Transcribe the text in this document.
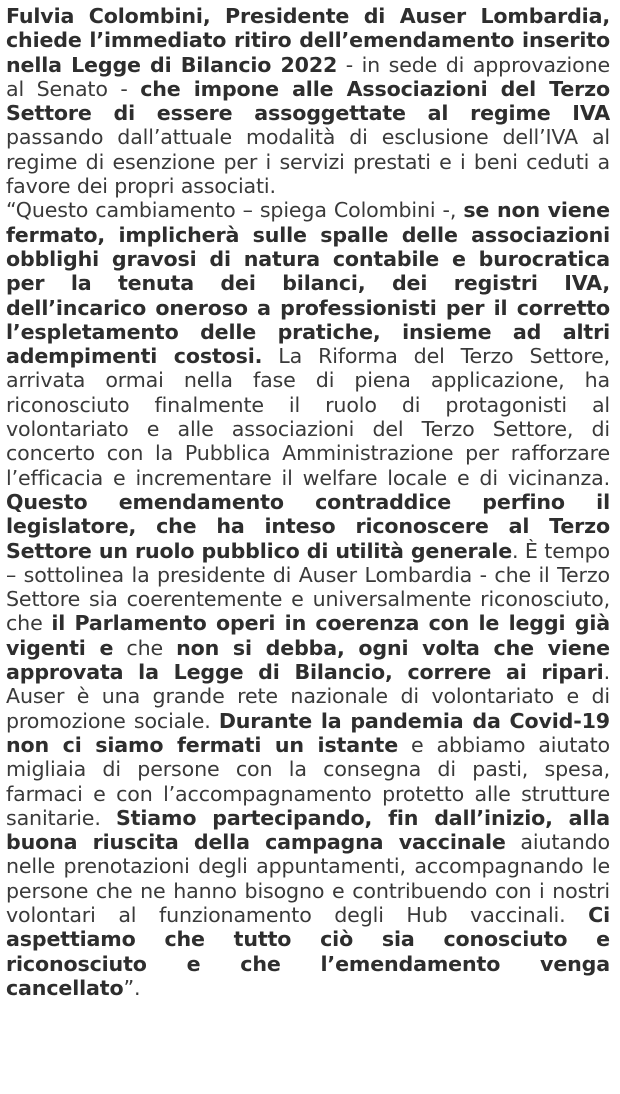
Fulvia Colombini, Presidente di Auser Lombardia, chiede l’immediato ritiro dell’emendamento inserito nella Legge di Bilancio 2022 - in sede di approvazione al Senato - che impone alle Associazioni del Terzo Settore di essere assoggettate al regime IVA passando dall’attuale modalità di esclusione dell’IVA al regime di esenzione per i servizi prestati e i beni ceduti a favore dei propri associati.

“Questo cambiamento – spiega Colombini -, se non viene fermato, implicherà sulle spalle delle associazioni obblighi gravosi di natura contabile e burocratica per la tenuta dei bilanci, dei registri IVA, dell’incarico oneroso a professionisti per il corretto l’espletamento delle pratiche, insieme ad altri adempimenti costosi. La Riforma del Terzo Settore, arrivata ormai nella fase di piena applicazione, ha riconosciuto finalmente il ruolo di protagonisti al volontariato e alle associazioni del Terzo Settore, di concerto con la Pubblica Amministrazione per rafforzare l’efficacia e incrementare il welfare locale e di vicinanza. Questo emendamento contraddice perfino il legislatore, che ha inteso riconoscere al Terzo Settore un ruolo pubblico di utilità generale. È tempo – sottolinea la presidente di Auser Lombardia - che il Terzo Settore sia coerentemente e universalmente riconosciuto, che il Parlamento operi in coerenza con le leggi già vigenti e che non si debba, ogni volta che viene approvata la Legge di Bilancio, correre ai ripari. Auser è una grande rete nazionale di volontariato e di promozione sociale. Durante la pandemia da Covid-19 non ci siamo fermati un istante e abbiamo aiutato migliaia di persone con la consegna di pasti, spesa, farmaci e con l’accompagnamento protetto alle strutture sanitarie. Stiamo partecipando, fin dall’inizio, alla buona riuscita della campagna vaccinale aiutando nelle prenotazioni degli appuntamenti, accompagnando le persone che ne hanno bisogno e contribuendo con i nostri volontari al funzionamento degli Hub vaccinali. Ci aspettiamo che tutto ciò sia conosciuto e riconosciuto e che l’emendamento venga cancellato”.
